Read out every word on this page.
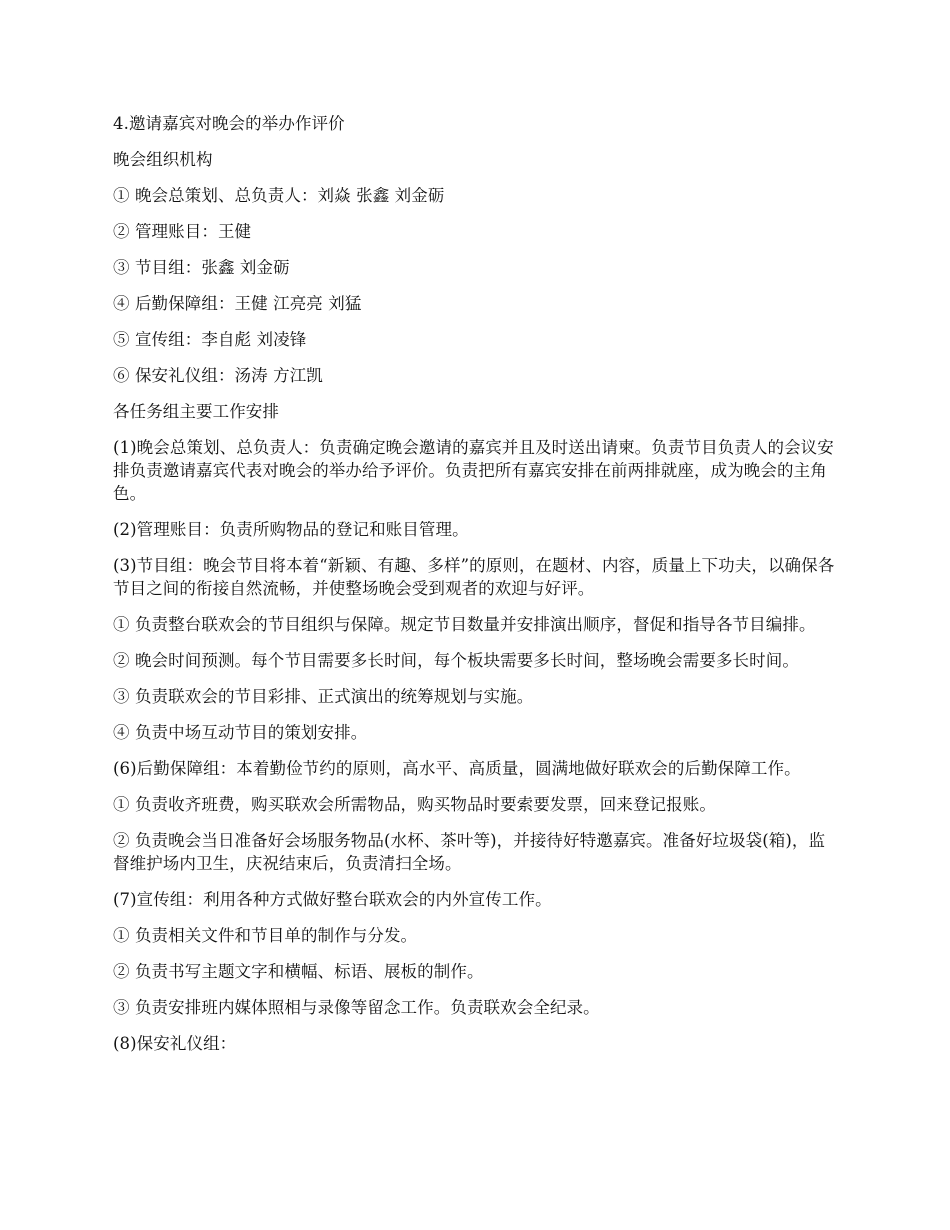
4.邀请嘉宾对晚会的举办作评价

晚会组织机构

① 晚会总策划、总负责人：刘焱 张鑫 刘金砺

② 管理账目：王健

③ 节目组：张鑫 刘金砺

④ 后勤保障组：王健 江亮亮 刘猛

⑤ 宣传组：李自彪 刘凌锋

⑥ 保安礼仪组：汤涛 方江凯

各任务组主要工作安排

(1)晚会总策划、总负责人：负责确定晚会邀请的嘉宾并且及时送出请柬。负责节目负责人的会议安排负责邀请嘉宾代表对晚会的举办给予评价。负责把所有嘉宾安排在前两排就座，成为晚会的主角色。

(2)管理账目：负责所购物品的登记和账目管理。

(3)节目组：晚会节目将本着“新颖、有趣、多样”的原则，在题材、内容，质量上下功夫，以确保各节目之间的衔接自然流畅，并使整场晚会受到观者的欢迎与好评。

① 负责整台联欢会的节目组织与保障。规定节目数量并安排演出顺序，督促和指导各节目编排。

② 晚会时间预测。每个节目需要多长时间，每个板块需要多长时间，整场晚会需要多长时间。

③ 负责联欢会的节目彩排、正式演出的统筹规划与实施。

④ 负责中场互动节目的策划安排。

(6)后勤保障组：本着勤俭节约的原则，高水平、高质量，圆满地做好联欢会的后勤保障工作。

① 负责收齐班费，购买联欢会所需物品，购买物品时要索要发票，回来登记报账。

② 负责晚会当日准备好会场服务物品(水杯、茶叶等)，并接待好特邀嘉宾。准备好垃圾袋(箱)，监督维护场内卫生，庆祝结束后，负责清扫全场。

(7)宣传组：利用各种方式做好整台联欢会的内外宣传工作。

① 负责相关文件和节目单的制作与分发。

② 负责书写主题文字和横幅、标语、展板的制作。

③ 负责安排班内媒体照相与录像等留念工作。负责联欢会全纪录。

(8)保安礼仪组：
